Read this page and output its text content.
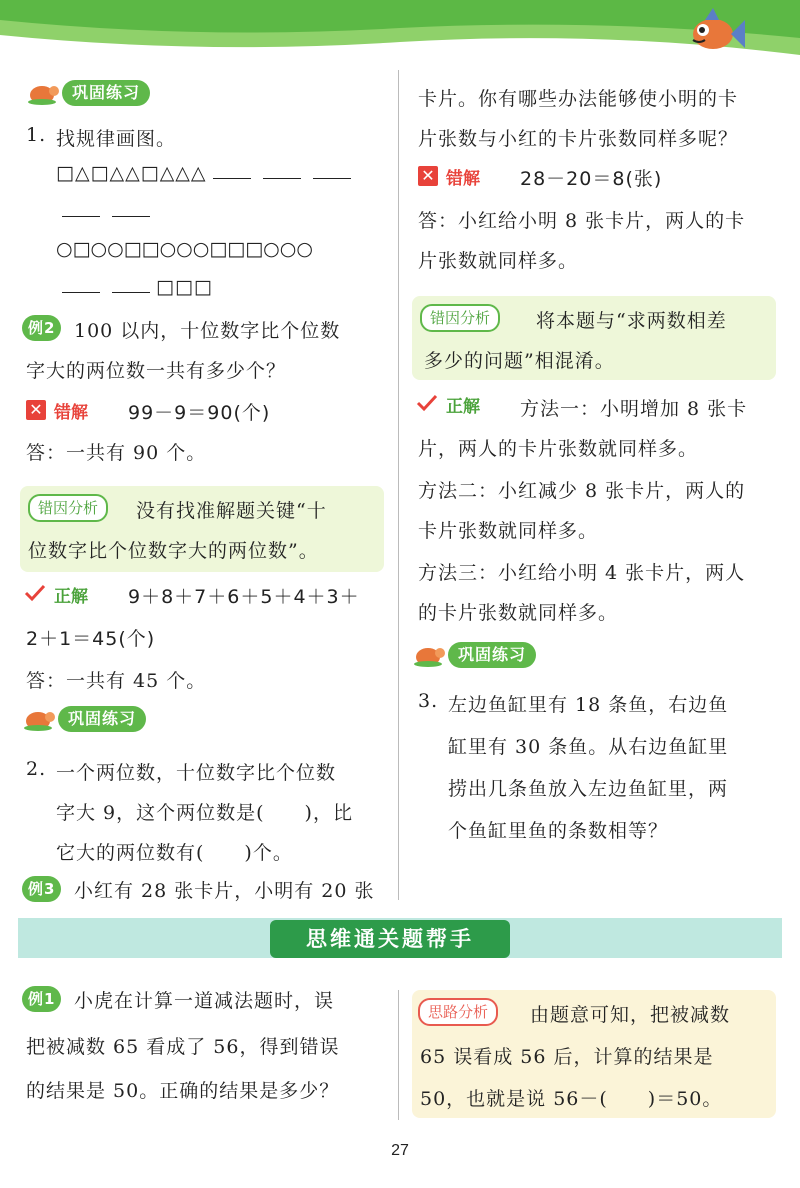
巩固练习
1. 找规律画图。
□△□△△□△△△
○□○○□□○○○□□□○○○
□□□
例2 100 以内，十位数字比个位数
字大的两位数一共有多少个？
✕ 错解 99－9＝90(个)
答：一共有 90 个。
错因分析	没有找准解题关键“十
位数字比个位数字大的两位数”。
正解 9＋8＋7＋6＋5＋4＋3＋
2＋1＝45(个)
答：一共有 45 个。
巩固练习
2. 一个两位数，十位数字比个位数
字大 9，这个两位数是(　　)，比
它大的两位数有(　　)个。
例3 小红有 28 张卡片，小明有 20 张
卡片。你有哪些办法能够使小明的卡
片张数与小红的卡片张数同样多呢？
✕ 错解 28－20＝8(张)
答：小红给小明 8 张卡片，两人的卡
片张数就同样多。
错因分析	将本题与“求两数相差
多少的问题”相混淆。
正解 方法一：小明增加 8 张卡
片，两人的卡片张数就同样多。
方法二：小红减少 8 张卡片，两人的
卡片张数就同样多。
方法三：小红给小明 4 张卡片，两人
的卡片张数就同样多。
巩固练习
3. 左边鱼缸里有 18 条鱼，右边鱼
缸里有 30 条鱼。从右边鱼缸里
捞出几条鱼放入左边鱼缸里，两
个鱼缸里鱼的条数相等？
思维通关题帮手
例1 小虎在计算一道减法题时，误
把被减数 65 看成了 56，得到错误
的结果是 50。正确的结果是多少？
思路分析	由题意可知，把被减数
65 误看成 56 后，计算的结果是
50，也就是说 56－(　　)＝50。
27
